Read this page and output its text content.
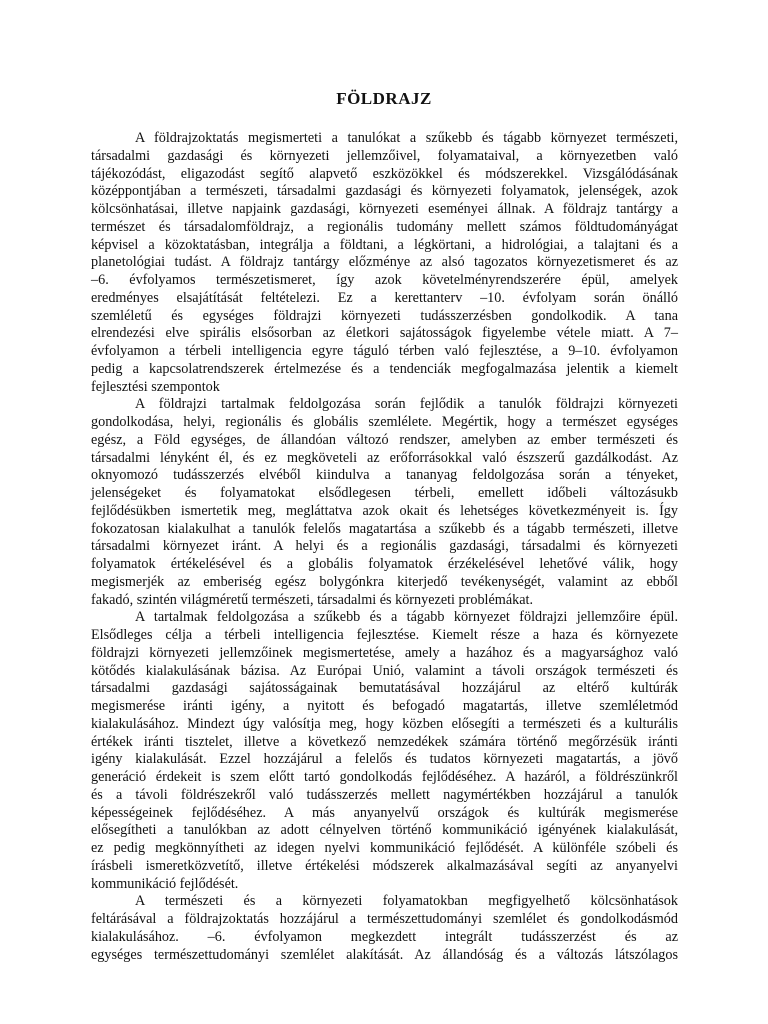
FÖLDRAJZ
A földrajzoktatás megismerteti a tanulókat a szűkebb és tágabb környezet természeti,
társadalmi gazdasági és környezeti jellemzőivel, folyamataival, a környezetben való
tájékozódást, eligazodást segítő alapvető eszközökkel és módszerekkel. Vizsgálódásának
középpontjában a természeti, társadalmi gazdasági és környezeti folyamatok, jelenségek, azok
kölcsönhatásai, illetve napjaink gazdasági, környezeti eseményei állnak. A földrajz tantárgy a
természet és társadalomföldrajz, a regionális tudomány mellett számos földtudományágat
képvisel a közoktatásban, integrálja a földtani, a légkörtani, a hidrológiai, a talajtani és a
planetológiai tudást. A földrajz tantárgy előzménye az alsó tagozatos környezetismeret és az
–6. évfolyamos természetismeret, így azok követelményrendszerére épül, amelyek
eredményes elsajátítását feltételezi. Ez a kerettanterv –10. évfolyam során önálló
szemléletű és egységes földrajzi környezeti tudásszerzésben gondolkodik. A tana
elrendezési elve spirális elsősorban az életkori sajátosságok figyelembe vétele miatt. A 7–
évfolyamon a térbeli intelligencia egyre táguló térben való fejlesztése, a 9–10. évfolyamon
pedig a kapcsolatrendszerek értelmezése és a tendenciák megfogalmazása jelentik a kiemelt
fejlesztési szempontok
A földrajzi tartalmak feldolgozása során fejlődik a tanulók földrajzi környezeti
gondolkodása, helyi, regionális és globális szemlélete. Megértik, hogy a természet egységes
egész, a Föld egységes, de állandóan változó rendszer, amelyben az ember természeti és
társadalmi lényként él, és ez megköveteli az erőforrásokkal való észszerű gazdálkodást. Az
oknyomozó tudásszerzés elvéből kiindulva a tananyag feldolgozása során a tényeket,
jelenségeket és folyamatokat elsődlegesen térbeli, emellett időbeli változásukb
fejlődésükben ismertetik meg, megláttatva azok okait és lehetséges következményeit is. Így
fokozatosan kialakulhat a tanulók felelős magatartása a szűkebb és a tágabb természeti, illetve
társadalmi környezet iránt. A helyi és a regionális gazdasági, társadalmi és környezeti
folyamatok értékelésével és a globális folyamatok érzékelésével lehetővé válik, hogy
megismerjék az emberiség egész bolygónkra kiterjedő tevékenységét, valamint az ebből
fakadó, szintén világméretű természeti, társadalmi és környezeti problémákat.
A tartalmak feldolgozása a szűkebb és a tágabb környezet földrajzi jellemzőire épül.
Elsődleges célja a térbeli intelligencia fejlesztése. Kiemelt része a haza és környezete
földrajzi környezeti jellemzőinek megismertetése, amely a hazához és a magyarsághoz való
kötődés kialakulásának bázisa. Az Európai Unió, valamint a távoli országok természeti és
társadalmi gazdasági sajátosságainak bemutatásával hozzájárul az eltérő kultúrák
megismerése iránti igény, a nyitott és befogadó magatartás, illetve szemléletmód
kialakulásához. Mindezt úgy valósítja meg, hogy közben elősegíti a természeti és a kulturális
értékek iránti tisztelet, illetve a következő nemzedékek számára történő megőrzésük iránti
igény kialakulását. Ezzel hozzájárul a felelős és tudatos környezeti magatartás, a jövő
generáció érdekeit is szem előtt tartó gondolkodás fejlődéséhez. A hazáról, a földrészünkről
és a távoli földrészekről való tudásszerzés mellett nagymértékben hozzájárul a tanulók
képességeinek fejlődéséhez. A más anyanyelvű országok és kultúrák megismerése
elősegítheti a tanulókban az adott célnyelven történő kommunikáció igényének kialakulását,
ez pedig megkönnyítheti az idegen nyelvi kommunikáció fejlődését. A különféle szóbeli és
írásbeli ismeretközvetítő, illetve értékelési módszerek alkalmazásával segíti az anyanyelvi
kommunikáció fejlődését.
A természeti és a környezeti folyamatokban megfigyelhető kölcsönhatások
feltárásával a földrajzoktatás hozzájárul a természettudományi szemlélet és gondolkodásmód
kialakulásához. –6. évfolyamon megkezdett integrált tudásszerzést és az
egységes természettudományi szemlélet alakítását. Az állandóság és a változás látszólagos
